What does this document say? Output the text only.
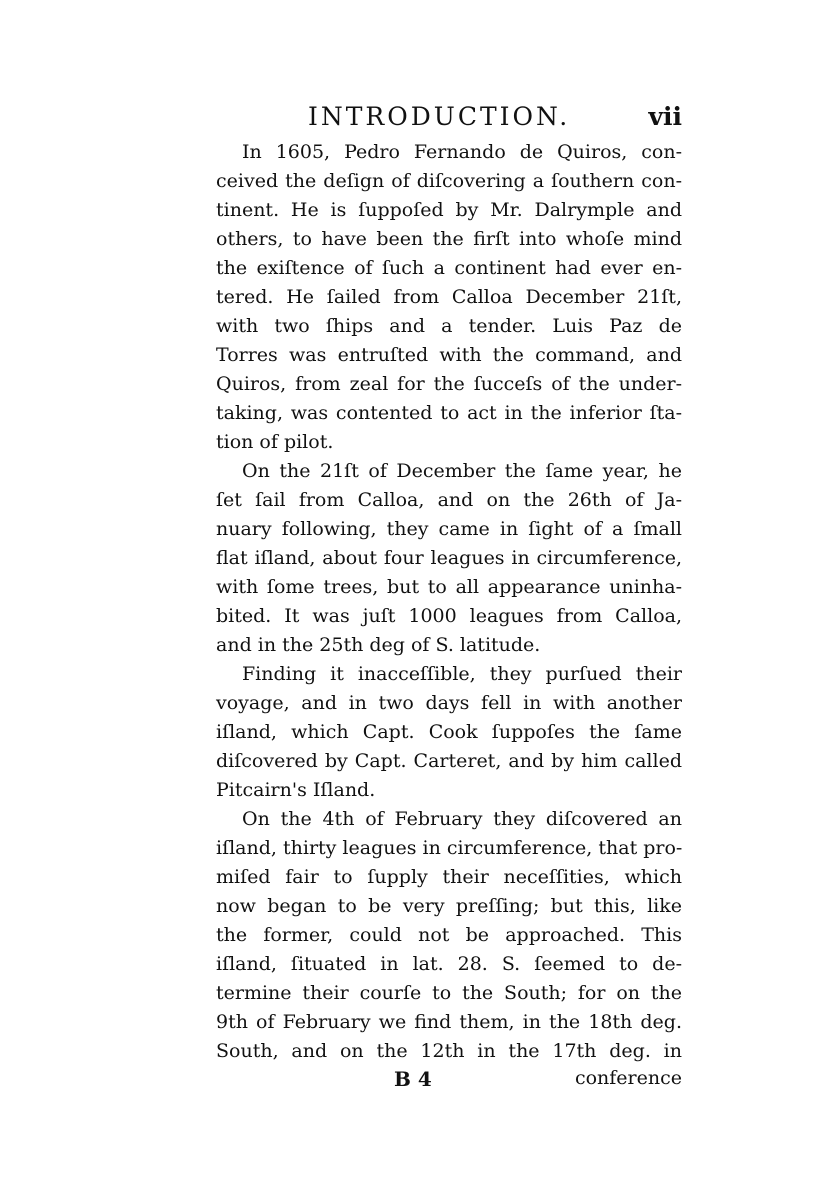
INTRODUCTION.	vii
In 1605, Pedro Fernando de Quiros, con-
ceived the deſign of diſcovering a ſouthern con-
tinent. He is ſuppoſed by Mr. Dalrymple and
others, to have been the firſt into whoſe mind
the exiſtence of ſuch a continent had ever en-
tered. He ſailed from Calloa December 21ſt,
with two ſhips and a tender. Luis Paz de
Torres was entruſted with the command, and
Quiros, from zeal for the ſucceſs of the under-
taking, was contented to act in the inferior ſta-
tion of pilot.
On the 21ſt of December the ſame year, he
ſet ſail from Calloa, and on the 26th of Ja-
nuary following, they came in ſight of a ſmall
flat iſland, about four leagues in circumference,
with ſome trees, but to all appearance uninha-
bited. It was juſt 1000 leagues from Calloa,
and in the 25th deg of S. latitude.
Finding it inacceſſible, they purſued their
voyage, and in two days fell in with another
iſland, which Capt. Cook ſuppoſes the ſame
diſcovered by Capt. Carteret, and by him called
Pitcairn's Iſland.
On the 4th of February they diſcovered an
iſland, thirty leagues in circumference, that pro-
miſed fair to ſupply their neceſſities, which
now began to be very preſſing; but this, like
the former, could not be approached. This
iſland, ſituated in lat. 28. S. ſeemed to de-
termine their courſe to the South; for on the
9th of February we find them, in the 18th deg.
South, and on the 12th in the 17th deg. in
B 4	conference
